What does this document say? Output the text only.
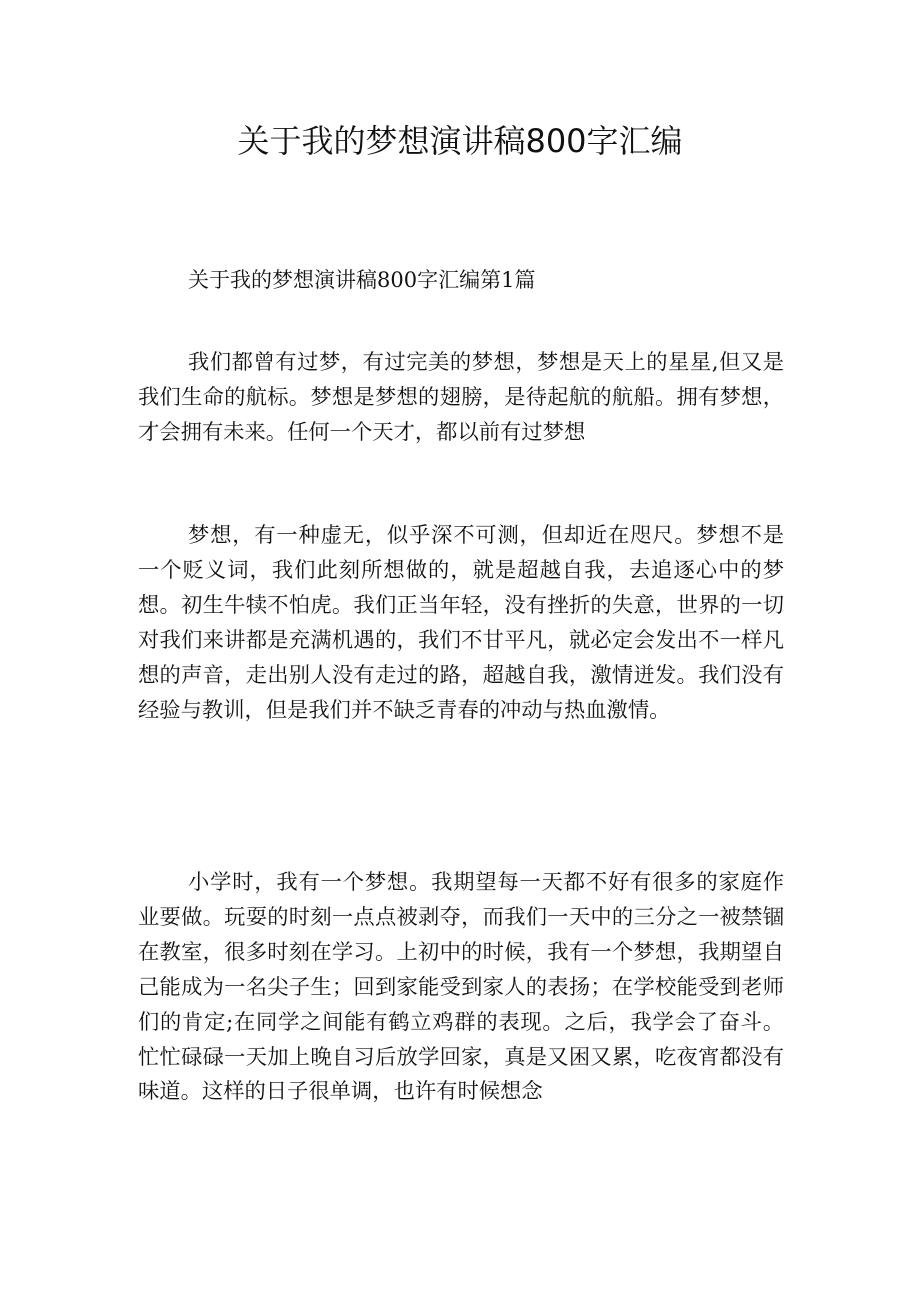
关于我的梦想演讲稿800字汇编

关于我的梦想演讲稿800字汇编第1篇

我们都曾有过梦，有过完美的梦想，梦想是天上的星星,但又是我们生命的航标。梦想是梦想的翅膀，是待起航的航船。拥有梦想，才会拥有未来。任何一个天才，都以前有过梦想

梦想，有一种虚无，似乎深不可测，但却近在咫尺。梦想不是一个贬义词，我们此刻所想做的，就是超越自我，去追逐心中的梦想。初生牛犊不怕虎。我们正当年轻，没有挫折的失意，世界的一切对我们来讲都是充满机遇的，我们不甘平凡，就必定会发出不一样凡想的声音，走出别人没有走过的路，超越自我，激情迸发。我们没有经验与教训，但是我们并不缺乏青春的冲动与热血激情。

小学时，我有一个梦想。我期望每一天都不好有很多的家庭作业要做。玩耍的时刻一点点被剥夺，而我们一天中的三分之一被禁锢在教室，很多时刻在学习。上初中的时候，我有一个梦想，我期望自己能成为一名尖子生；回到家能受到家人的表扬；在学校能受到老师们的肯定;在同学之间能有鹤立鸡群的表现。之后，我学会了奋斗。忙忙碌碌一天加上晚自习后放学回家，真是又困又累，吃夜宵都没有味道。这样的日子很单调，也许有时候想念
